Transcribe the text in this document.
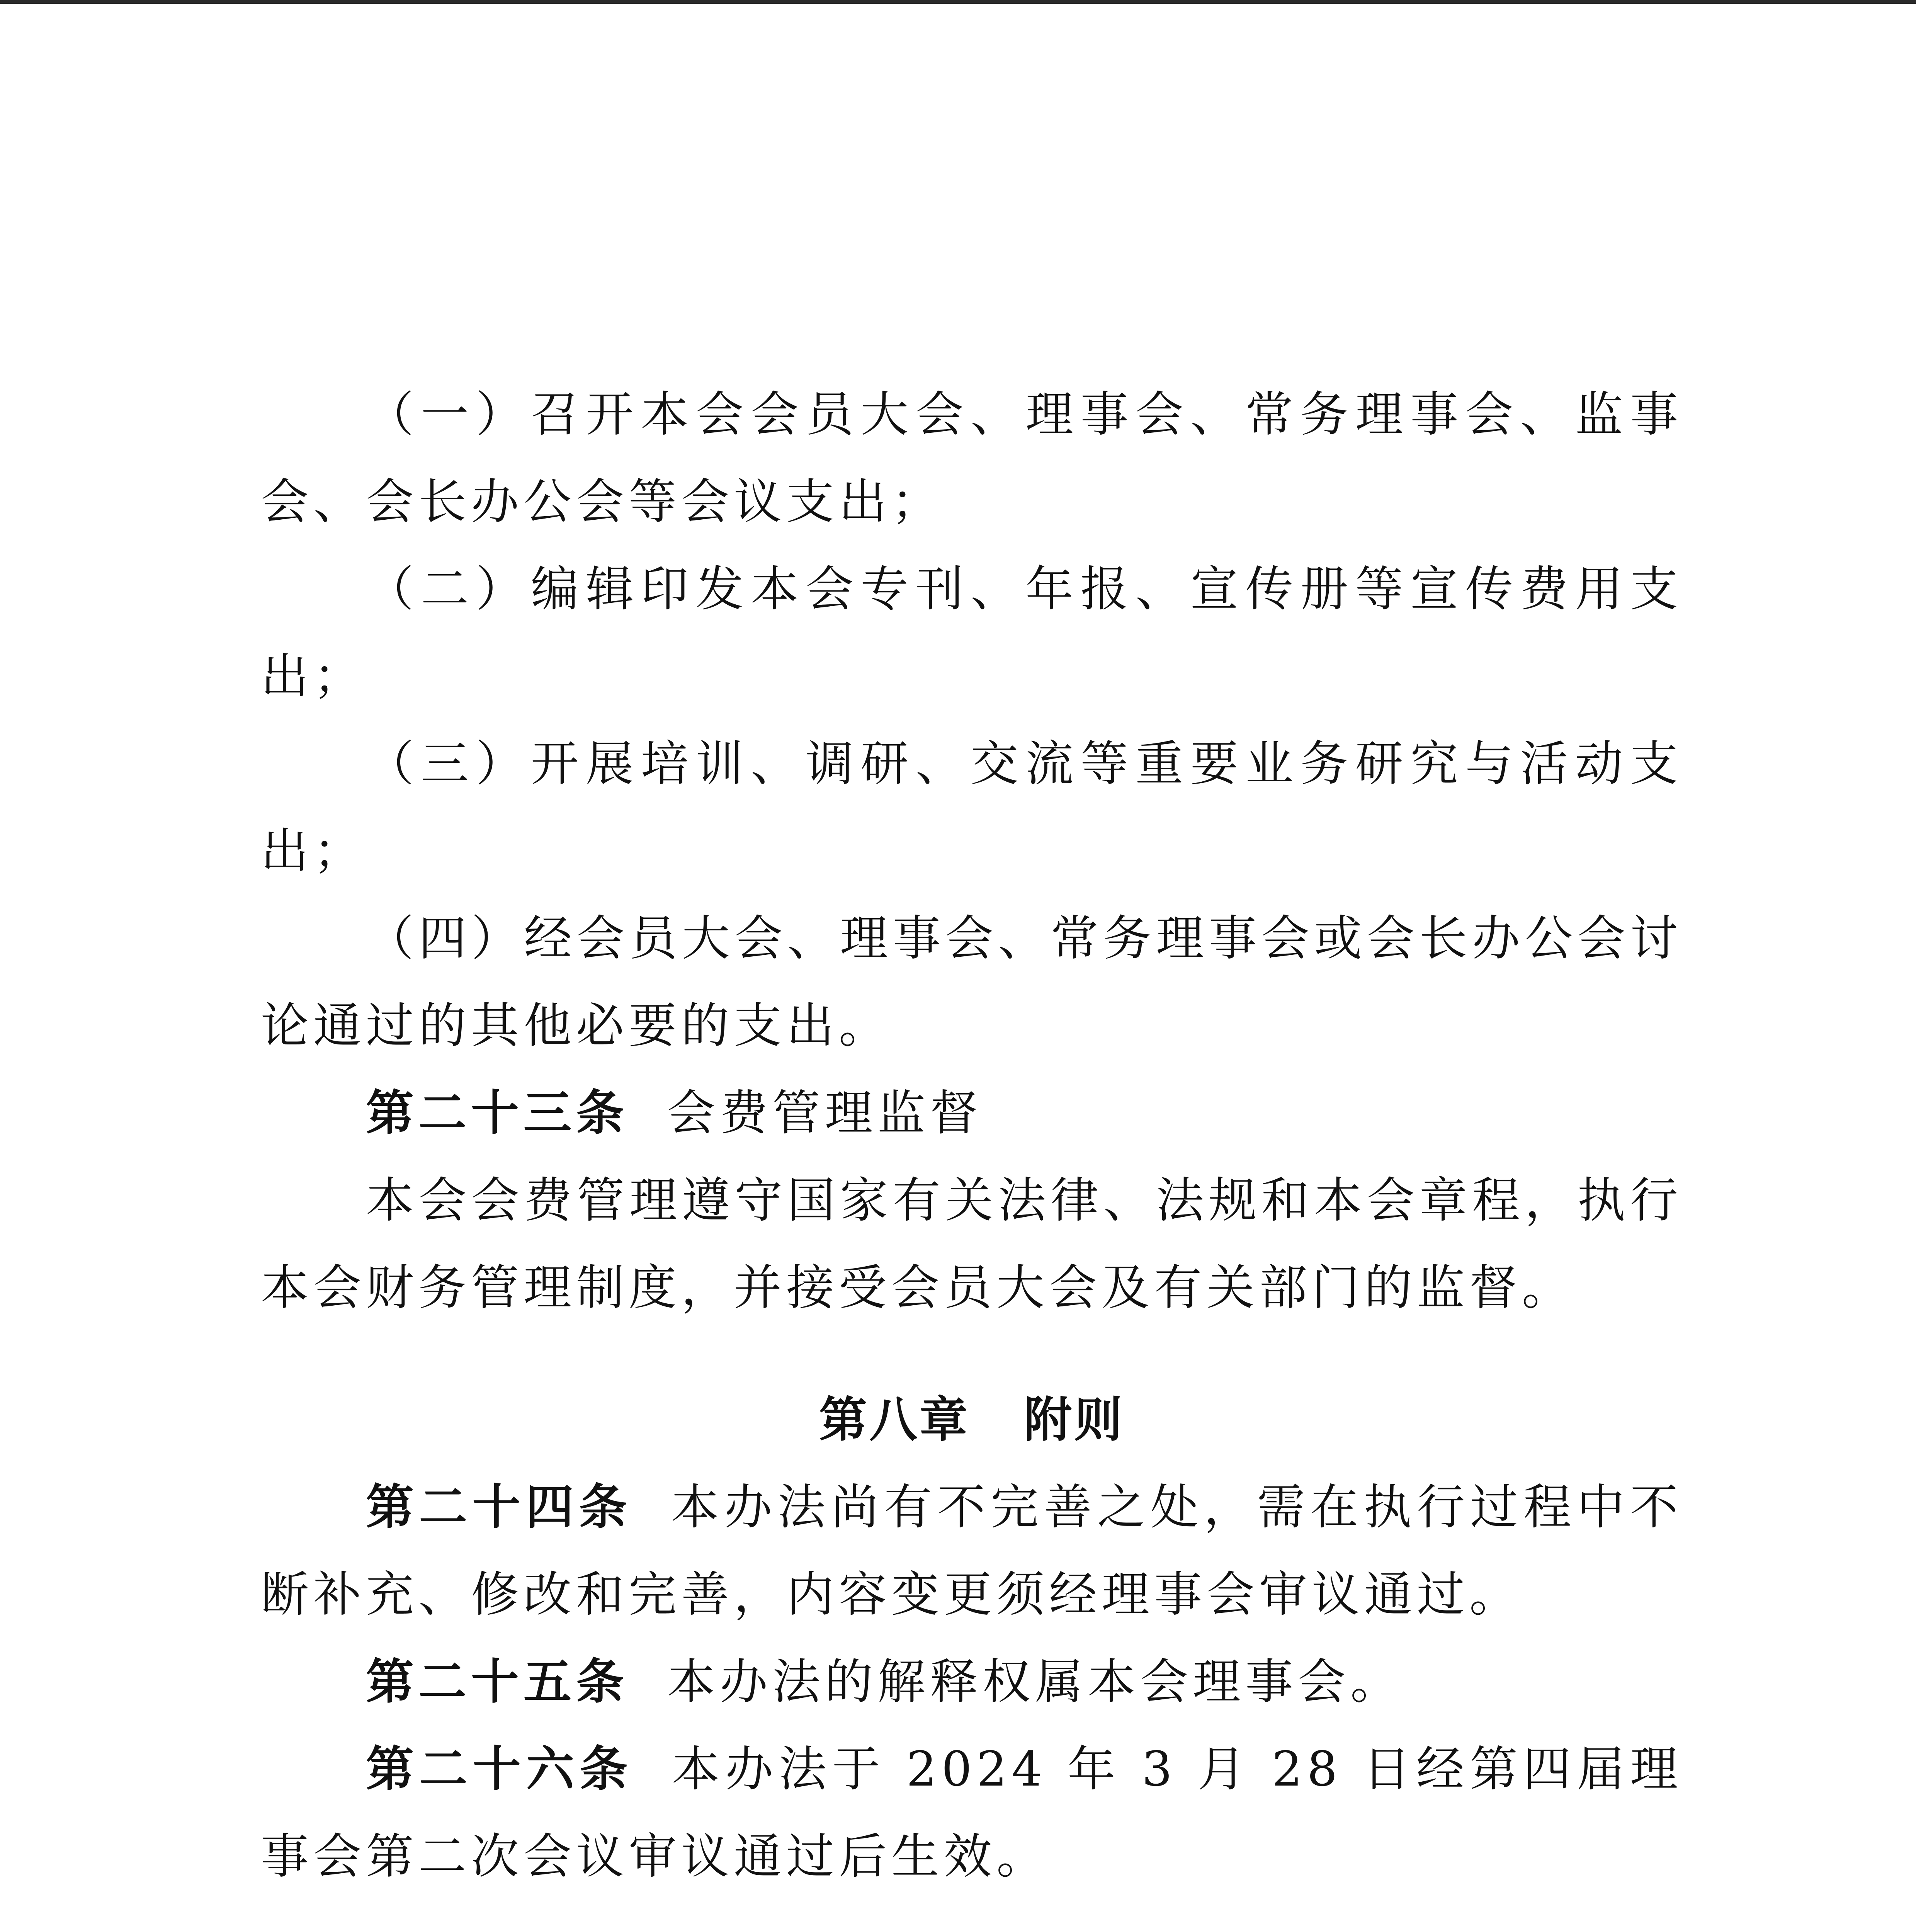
（一）召开本会会员大会、理事会、常务理事会、监事会、会长办公会等会议支出；

（二）编辑印发本会专刊、年报、宣传册等宣传费用支出；

（三）开展培训、调研、交流等重要业务研究与活动支出；

（四）经会员大会、理事会、常务理事会或会长办公会讨论通过的其他必要的支出。

第二十三条 会费管理监督

本会会费管理遵守国家有关法律、法规和本会章程，执行本会财务管理制度，并接受会员大会及有关部门的监督。

第八章 附则

第二十四条 本办法尚有不完善之处，需在执行过程中不断补充、修改和完善，内容变更须经理事会审议通过。

第二十五条 本办法的解释权属本会理事会。

第二十六条 本办法于 2024 年 3 月 28 日经第四届理事会第二次会议审议通过后生效。
